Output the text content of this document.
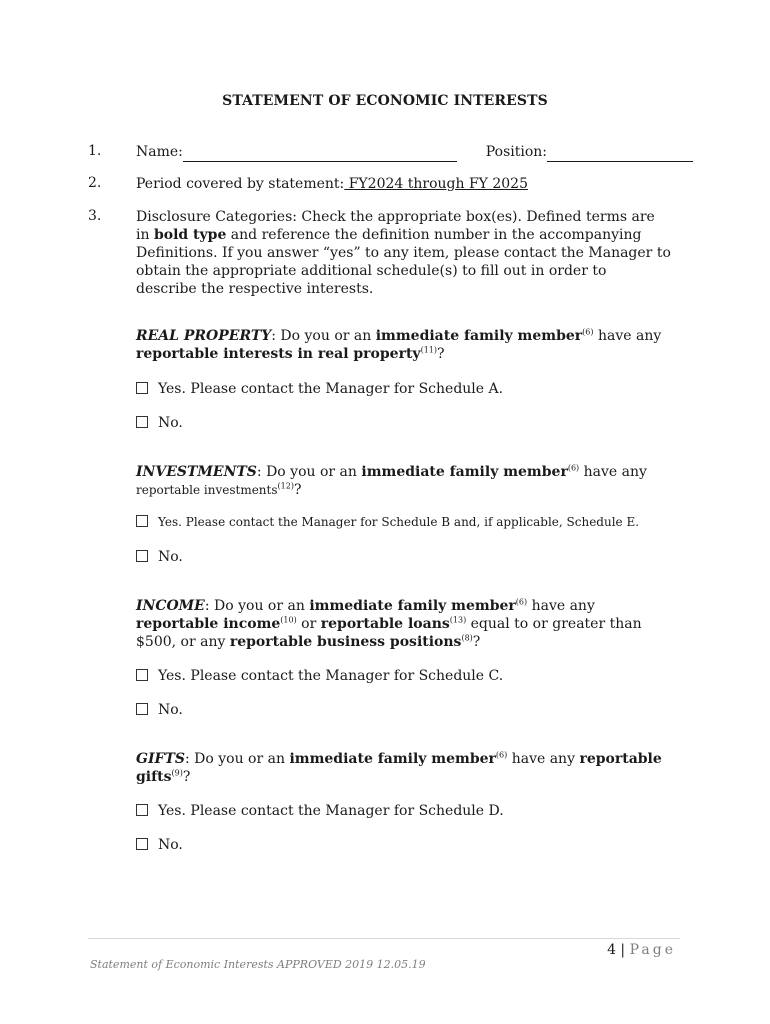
STATEMENT OF ECONOMIC INTERESTS
1. Name:	Position:
2. Period covered by statement: FY2024 through FY 2025
3. Disclosure Categories: Check the appropriate box(es). Defined terms are in bold type and reference the definition number in the accompanying Definitions. If you answer “yes” to any item, please contact the Manager to obtain the appropriate additional schedule(s) to fill out in order to describe the respective interests.
REAL PROPERTY: Do you or an immediate family member$^{(6)}$ have any
reportable interests in real property$^{(11)}$?
Yes. Please contact the Manager for Schedule A.
No.
INVESTMENTS: Do you or an immediate family member$^{(6)}$ have any
reportable investments$^{(12)}$?
Yes. Please contact the Manager for Schedule B and, if applicable, Schedule E.
No.
INCOME: Do you or an immediate family member$^{(6)}$ have any reportable income$^{(10)}$ or reportable loans$^{(13)}$ equal to or greater than $500, or any reportable business positions$^{(8)}$?
Yes. Please contact the Manager for Schedule C.
No.
GIFTS: Do you or an immediate family member$^{(6)}$ have any reportable gifts$^{(9)}$?
Yes. Please contact the Manager for Schedule D.
No.
4 | Page
Statement of Economic Interests APPROVED 2019 12.05.19
